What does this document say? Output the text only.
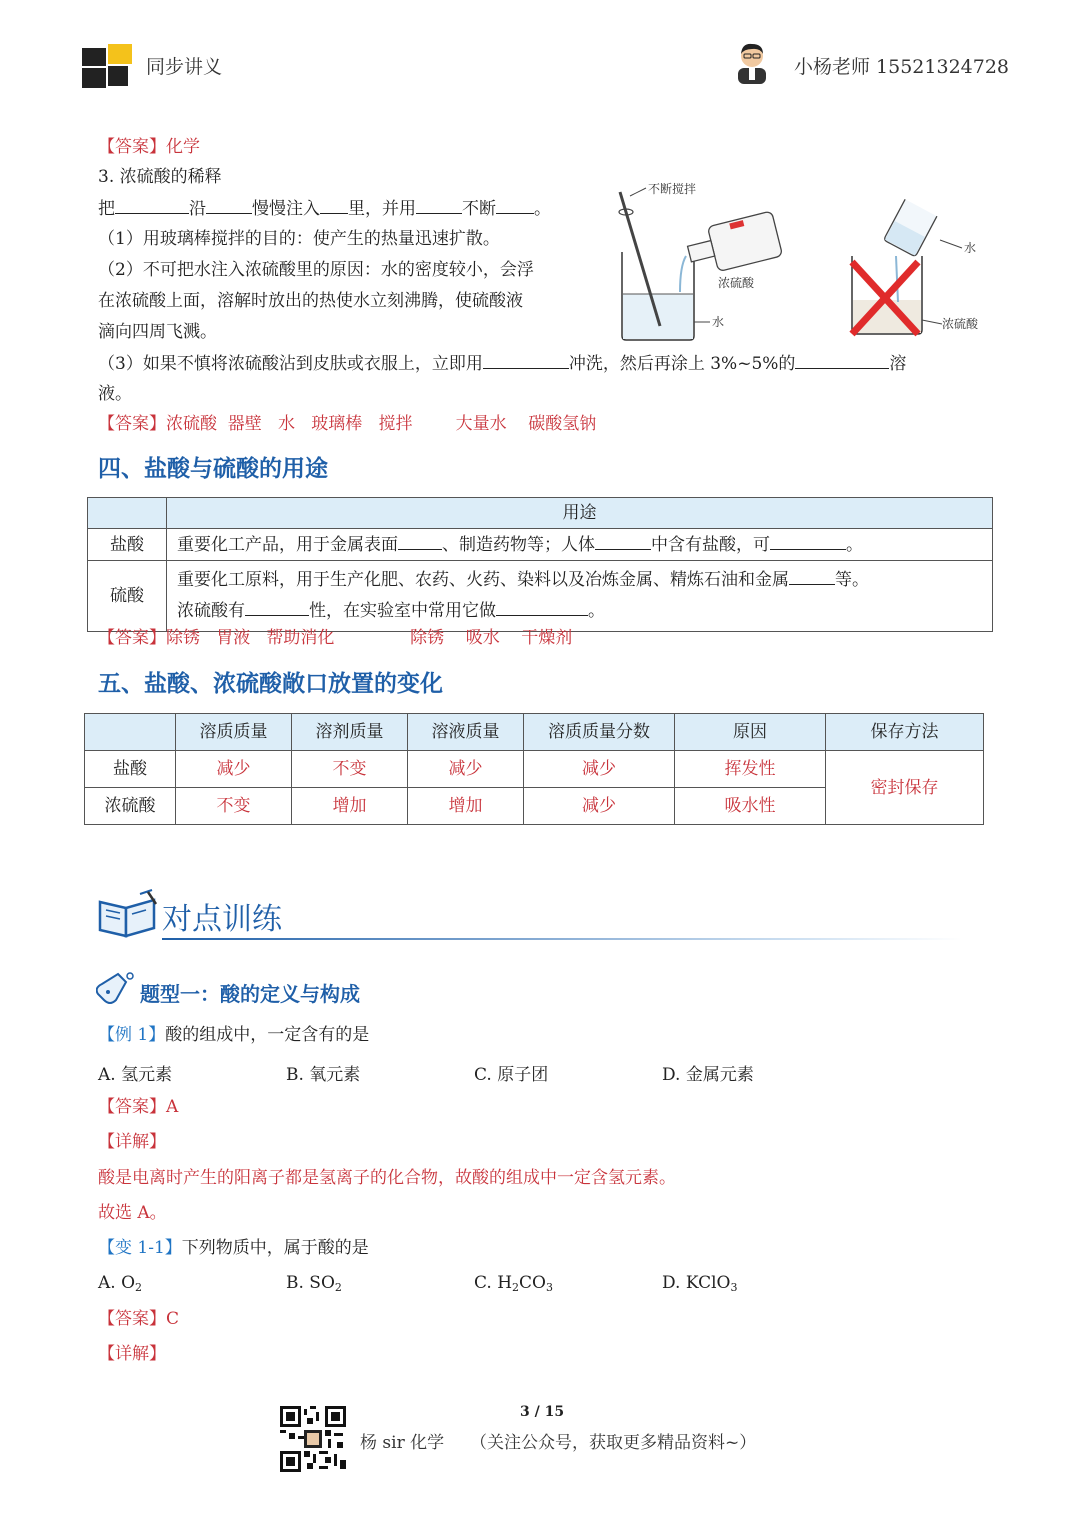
同步讲义	小杨老师 15521324728
【答案】化学
3. 浓硫酸的稀释
把	沿	慢慢注入 里，并用	不断 。
（1）用玻璃棒搅拌的目的：使产生的热量迅速扩散。
（2）不可把水注入浓硫酸里的原因：水的密度较小，会浮
在浓硫酸上面，溶解时放出的热使水立刻沸腾，使硫酸液
滴向四周飞溅。
（3）如果不慎将浓硫酸沾到皮肤或衣服上，立即用	冲洗，然后再涂上 3%~5%的	溶
液。
【答案】浓硫酸  器壁   水   玻璃棒   搅拌        大量水    碳酸氢钠
不断搅拌
浓硫酸
水
水
浓硫酸
四、盐酸与硫酸的用途
	用途
盐酸	重要化工产品，用于金属表面 、制造药物等；人体 中含有盐酸，可 。
硫酸	重要化工原料，用于生产化肥、农药、火药、染料以及冶炼金属、精炼石油和金属 等。
浓硫酸有 性，在实验室中常用它做 。
【答案】除锈   胃液   帮助消化              除锈    吸水    干燥剂
五、盐酸、浓硫酸敞口放置的变化
	溶质质量	溶剂质量	溶液质量	溶质质量分数	原因	保存方法
盐酸	减少	不变	减少	减少	挥发性	密封保存
浓硫酸	不变	增加	增加	减少	吸水性	
对点训练
题型一：酸的定义与构成
【例 1】酸的组成中，一定含有的是
A. 氢元素	B. 氧元素	C. 原子团	D. 金属元素
【答案】A
【详解】
酸是电离时产生的阳离子都是氢离子的化合物，故酸的组成中一定含氢元素。
故选 A。
【变 1-1】下列物质中，属于酸的是
A. $O_2$	B. $SO_2$	C. $H_2CO_3$	D. KClO$_3$
【答案】C
【详解】
3 / 15
杨 sir 化学 （关注公众号，获取更多精品资料~）
